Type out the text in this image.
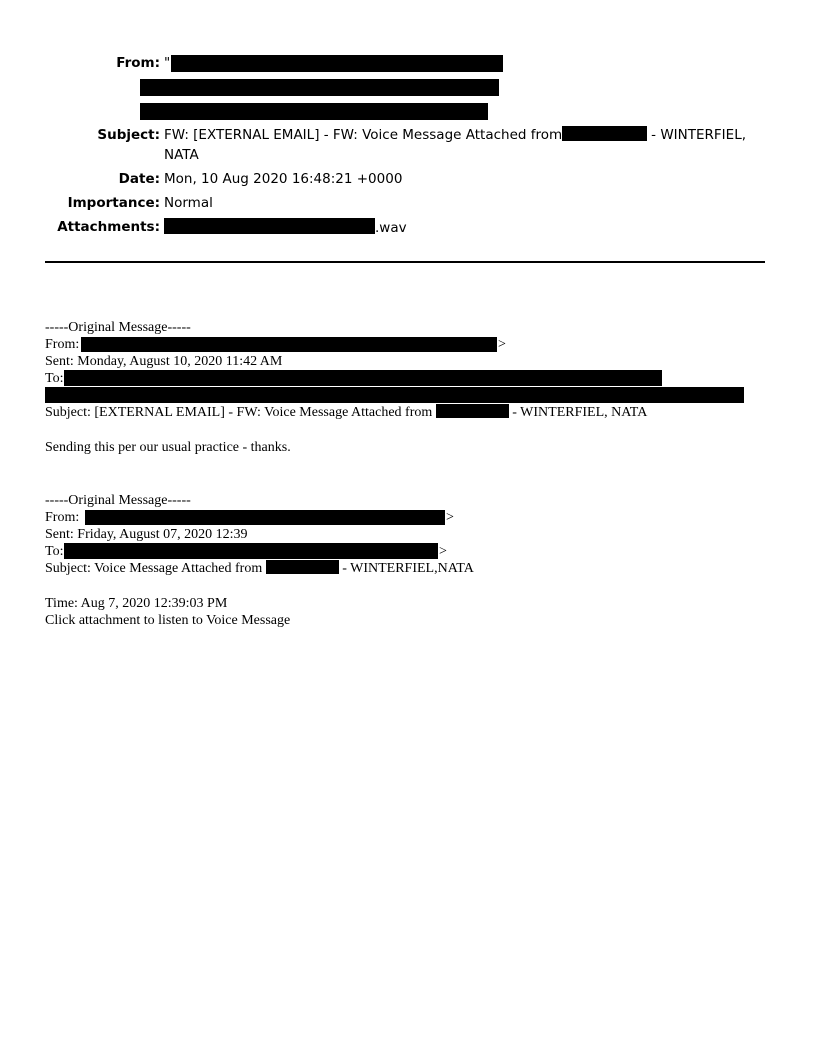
From: "
Subject: FW: [EXTERNAL EMAIL] - FW: Voice Message Attached from	- WINTERFIEL,
NATA
Date: Mon, 10 Aug 2020 16:48:21 +0000
Importance: Normal
Attachments:	.wav
-----Original Message-----
From:	>
Sent: Monday, August 10, 2020 11:42 AM
To:
Subject: [EXTERNAL EMAIL] - FW: Voice Message Attached from	- WINTERFIEL, NATA
Sending this per our usual practice - thanks.
-----Original Message-----
From:	>
Sent: Friday, August 07, 2020 12:39
To:	>
Subject: Voice Message Attached from	- WINTERFIEL,NATA
Time: Aug 7, 2020 12:39:03 PM
Click attachment to listen to Voice Message
